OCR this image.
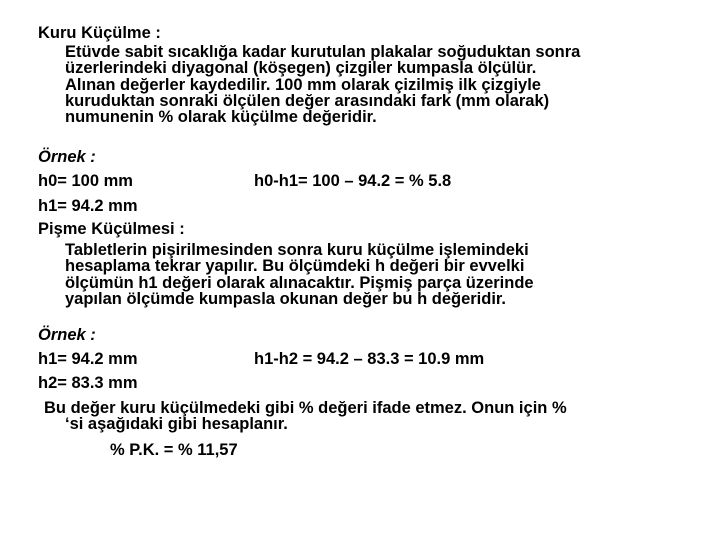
Kuru Küçülme :
Etüvde sabit sıcaklığa kadar kurutulan plakalar soğuduktan sonra
üzerlerindeki diyagonal (köşegen) çizgiler kumpasla ölçülür.
Alınan değerler kaydedilir. 100 mm olarak çizilmiş ilk çizgiyle
kuruduktan sonraki ölçülen değer arasındaki fark (mm olarak)
numunenin % olarak küçülme değeridir.
Örnek :
h0= 100 mm	h0-h1= 100 – 94.2 = % 5.8
h1= 94.2 mm
Pişme Küçülmesi :
Tabletlerin pişirilmesinden sonra kuru küçülme işlemindeki
hesaplama tekrar yapılır. Bu ölçümdeki h değeri bir evvelki
ölçümün h1 değeri olarak alınacaktır. Pişmiş parça üzerinde
yapılan ölçümde kumpasla okunan değer bu h değeridir.
Örnek :
h1= 94.2 mm	h1-h2 = 94.2 – 83.3 = 10.9 mm
h2= 83.3 mm
Bu değer kuru küçülmedeki gibi % değeri ifade etmez. Onun için %
‘si aşağıdaki gibi hesaplanır.
% P.K. = % 11,57
